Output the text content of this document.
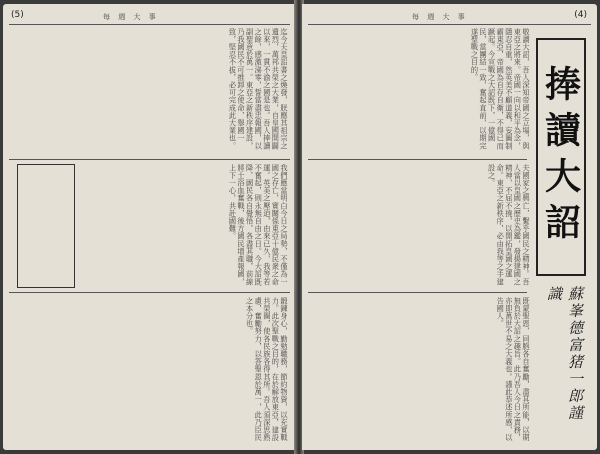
(5)	每 週 大 事
迄今天皇詔書之煥發，朕應其祖宗之遺烈，萬邦共榮之大業，自皇國開闢以來，一貫不渝之國是也。吾人捧讀之餘，感激涕零，誓當盡忠報國，以副聖意於萬一。東亞之新秩序建設，乃我國民不可推卸之使命，舉國一致，堅忍不拔，必可完成此大業也。
我們應當明白今日之局勢，不僅為一國之存亡，實關係東亞十億民衆之命運。英美之壓迫，由來已久，我等若不奮起，則永無自由之日。今大詔既降，國民各自覺悟，各盡其職，前線將士浴血奮戰，後方國民增產報國，上下一心，共赴國難。
鍛鍊身心，勤勉職務，節約物資，以充實戰力。此次聖戰之目的，在於解放東亞，建設共榮圈，使各民族各得其所。吾人須深思熟慮，奮勵努力，以答聖恩於萬一，此乃臣民之本分也。
(4)
每 週 大 事
敬讀大詔，吾人深知帝國之立場，與東亞之將來。帝國一向以和平為念，隱忍自重，然英美不顧道義，妄圖制霸東亞，帝國為自存自衛，不得已而蹶起。今宣戰之大詔既下，一億國民，當團結一致，奮起直前，以期完遂聖戰之目的。
夫國家之興亡，繫乎國民之精神。吾人當以皇國之歷史為鑑，發揚建國之精神，不屈不撓，以開拓皇國之運命。東亞之新秩序，必由我等之手建設之。
既蒙聖恩，同胞各自奮勵，盡其所能，以期無負於大詔之趣旨。此乃吾人今日之責務，亦即萬世不易之大義也。謹此恭述所感，以告國人。
捧讀大詔
蘇峯德富猪一郎謹識
